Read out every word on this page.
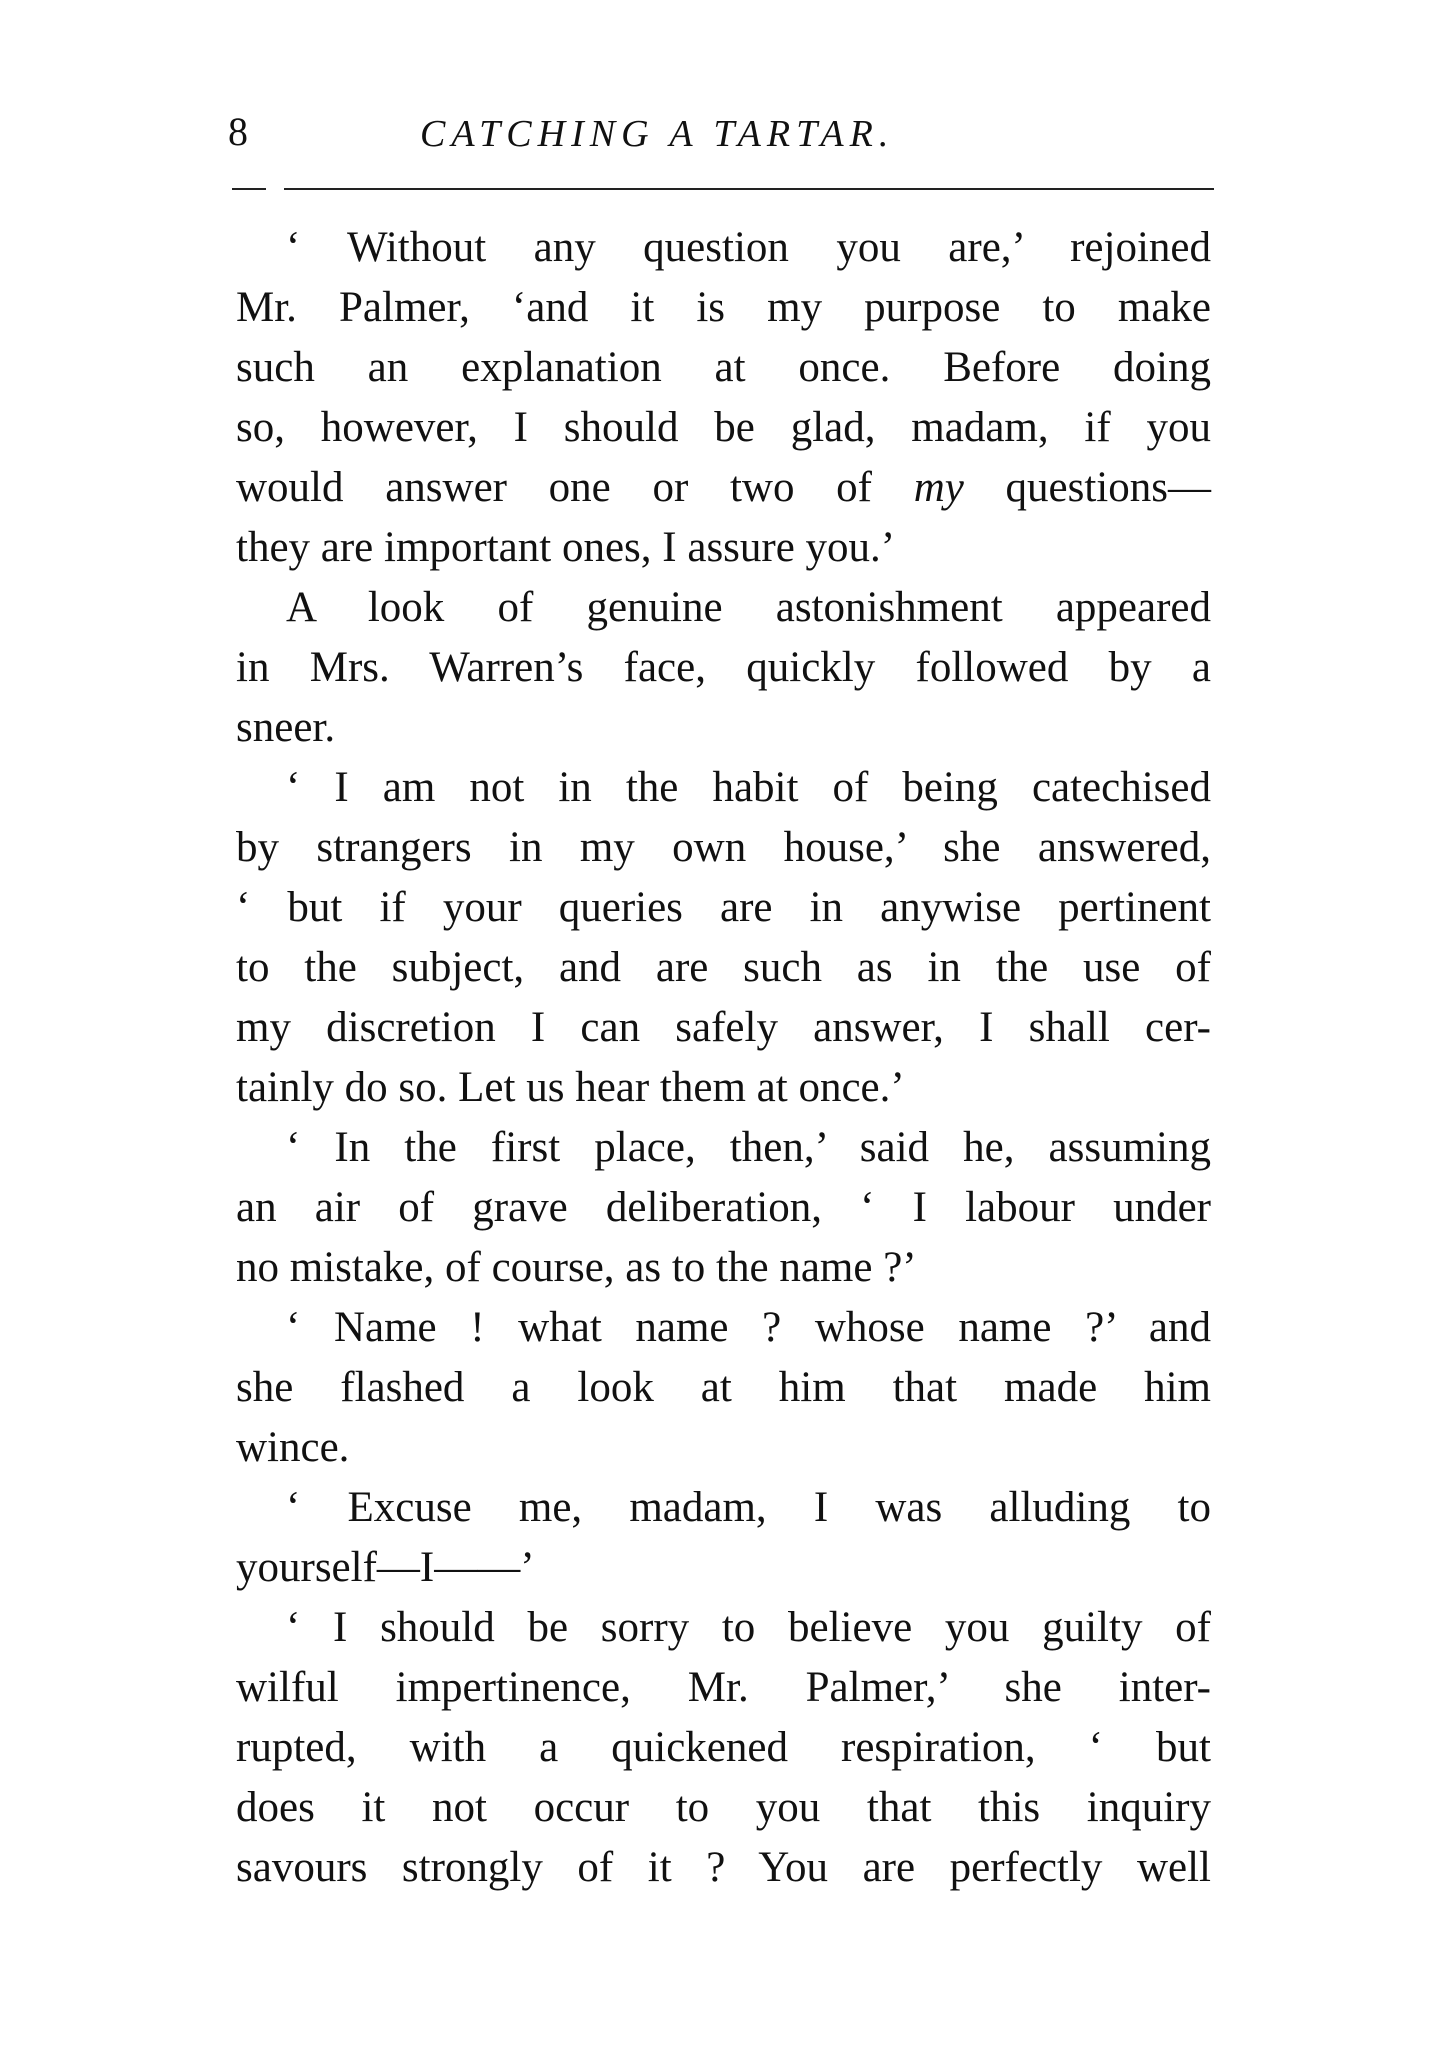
8	CATCHING A TARTAR.
‘ Without any question you are,’ rejoined
Mr. Palmer, ‘and it is my purpose to make
such an explanation at once. Before doing
so, however, I should be glad, madam, if you
would answer one or two of my questions—
they are important ones, I assure you.’
A look of genuine astonishment appeared
in Mrs. Warren’s face, quickly followed by a
sneer.
‘ I am not in the habit of being catechised
by strangers in my own house,’ she answered,
‘ but if your queries are in anywise pertinent
to the subject, and are such as in the use of
my discretion I can safely answer, I shall cer-
tainly do so. Let us hear them at once.’
‘ In the first place, then,’ said he, assuming
an air of grave deliberation, ‘ I labour under
no mistake, of course, as to the name ?’
‘ Name ! what name ? whose name ?’ and
she flashed a look at him that made him
wince.
‘ Excuse me, madam, I was alluding to
yourself—I——’
‘ I should be sorry to believe you guilty of
wilful impertinence, Mr. Palmer,’ she inter-
rupted, with a quickened respiration, ‘ but
does it not occur to you that this inquiry
savours strongly of it ? You are perfectly well
